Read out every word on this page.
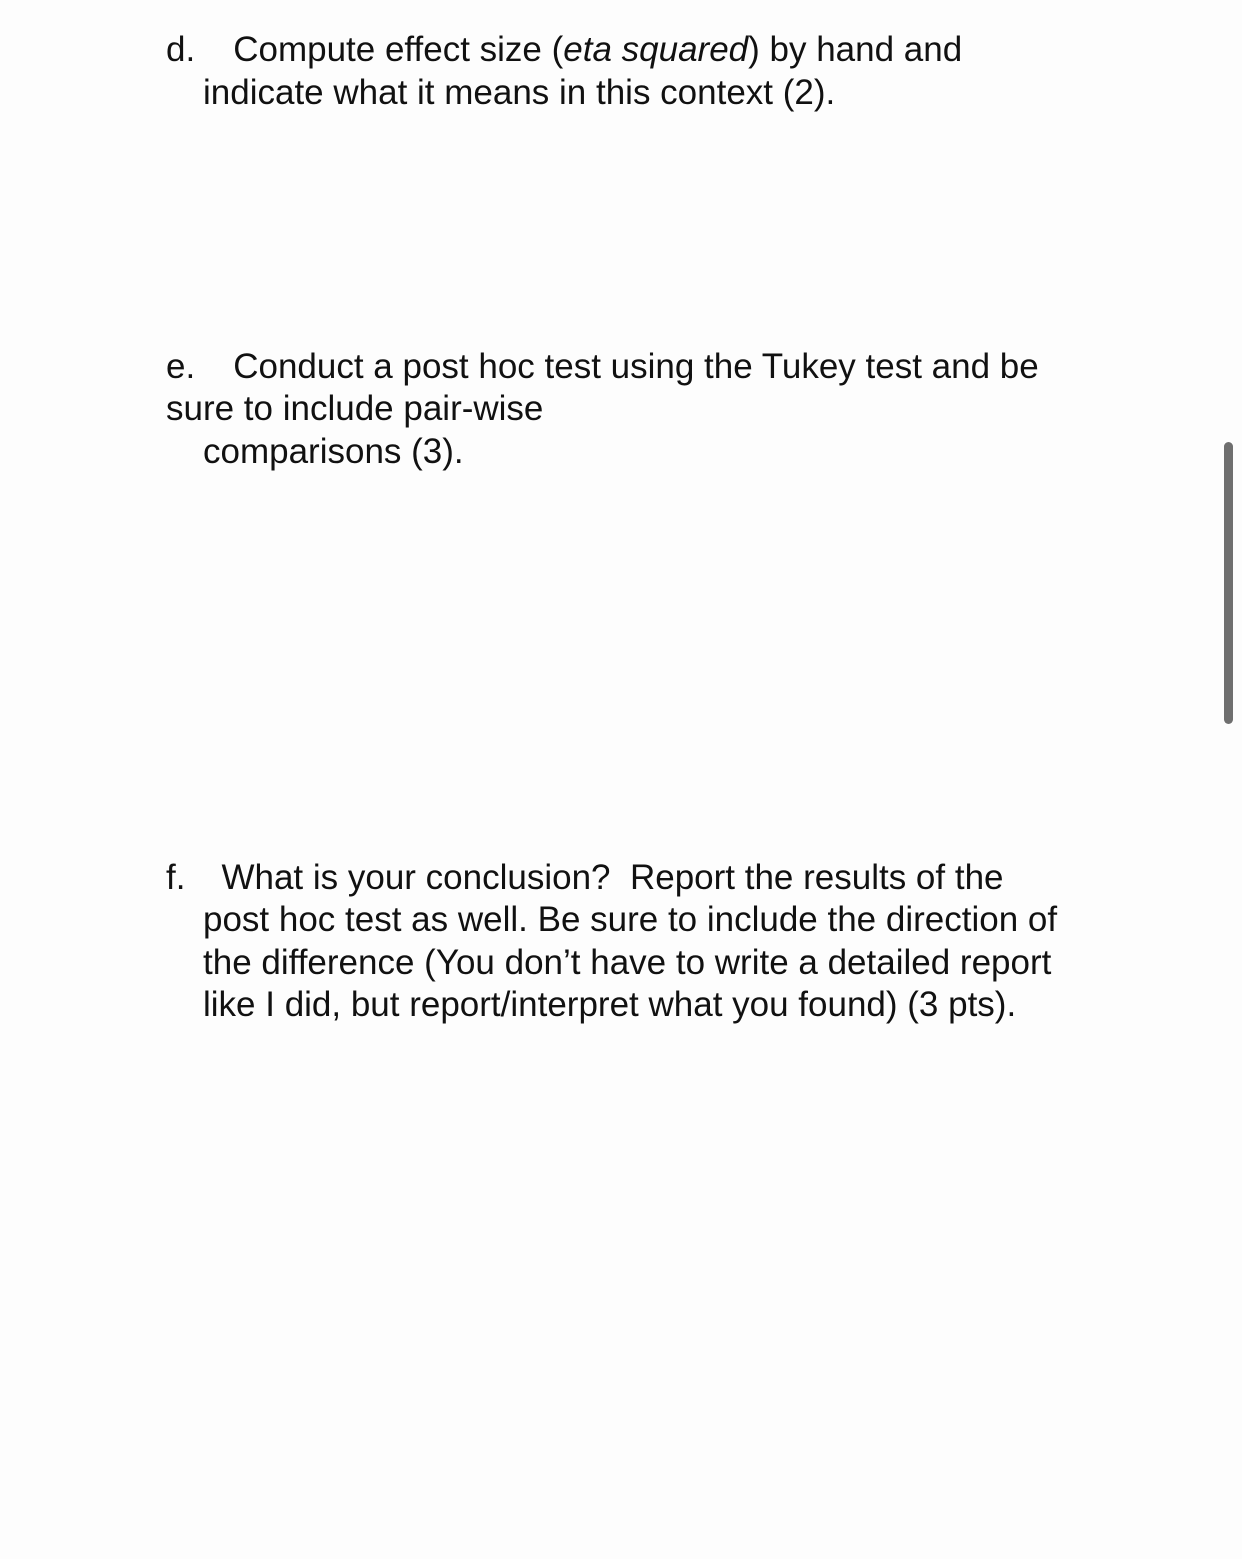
d. Compute effect size (eta squared) by hand and

indicate what it means in this context (2).

e. Conduct a post hoc test using the Tukey test and be

sure to include pair-wise

comparisons (3).

f. What is your conclusion?  Report the results of the

post hoc test as well. Be sure to include the direction of

the difference (You don’t have to write a detailed report

like I did, but report/interpret what you found) (3 pts).
